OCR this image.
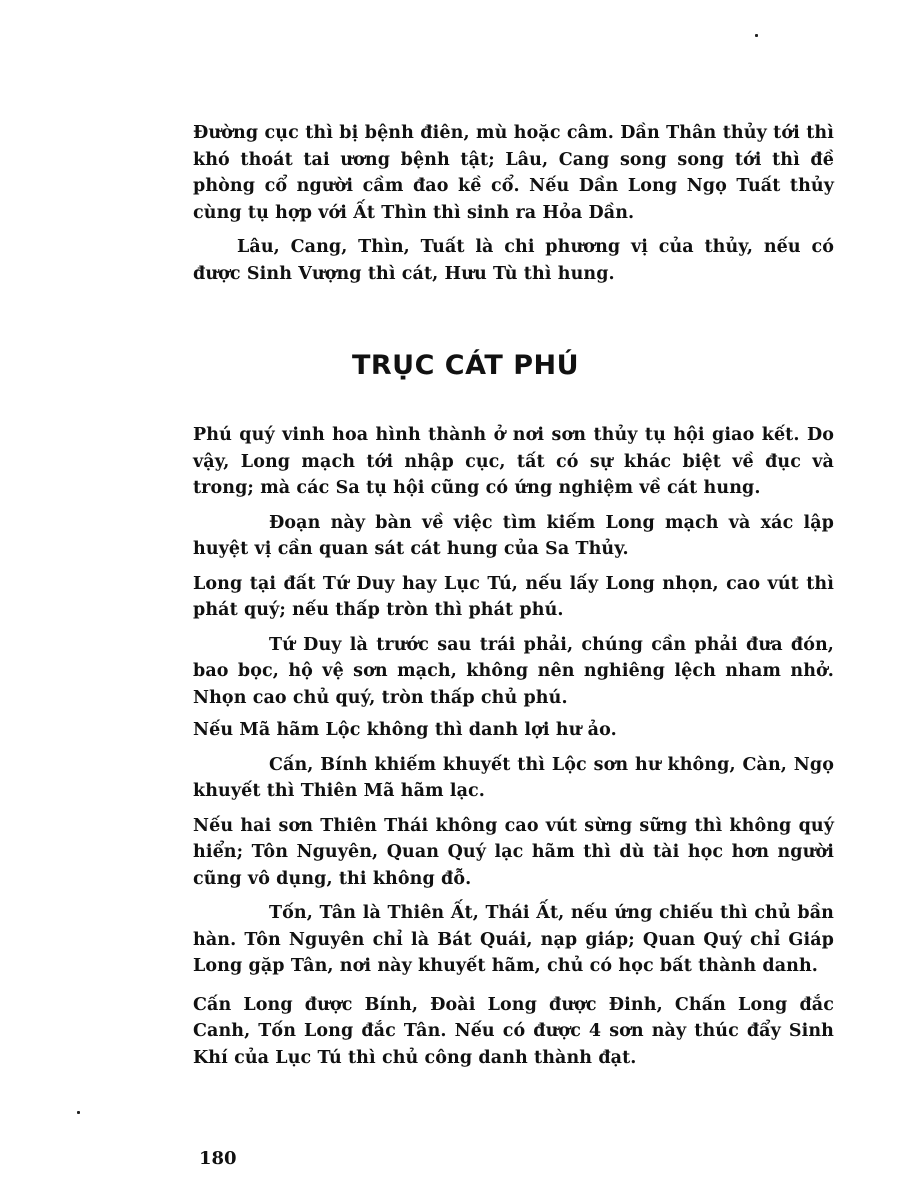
Đường cục thì bị bệnh điên, mù hoặc câm. Dần Thân thủy tới thì khó thoát tai ương bệnh tật; Lâu, Cang song song tới thì đề phòng cổ người cầm đao kề cổ. Nếu Dần Long Ngọ Tuất thủy cùng tụ hợp với Ất Thìn thì sinh ra Hỏa Dần.

Lâu, Cang, Thìn, Tuất là chi phương vị của thủy, nếu có được Sinh Vượng thì cát, Hưu Tù thì hung.

TRỤC CÁT PHÚ

Phú quý vinh hoa hình thành ở nơi sơn thủy tụ hội giao kết. Do vậy, Long mạch tới nhập cục, tất có sự khác biệt về đục và trong; mà các Sa tụ hội cũng có ứng nghiệm về cát hung.

Đoạn này bàn về việc tìm kiếm Long mạch và xác lập huyệt vị cần quan sát cát hung của Sa Thủy.

Long tại đất Tứ Duy hay Lục Tú, nếu lấy Long nhọn, cao vút thì phát quý; nếu thấp tròn thì phát phú.

Tứ Duy là trước sau trái phải, chúng cần phải đưa đón, bao bọc, hộ vệ sơn mạch, không nên nghiêng lệch nham nhở. Nhọn cao chủ quý, tròn thấp chủ phú.

Nếu Mã hãm Lộc không thì danh lợi hư ảo.

Cấn, Bính khiếm khuyết thì Lộc sơn hư không, Càn, Ngọ khuyết thì Thiên Mã hãm lạc.

Nếu hai sơn Thiên Thái không cao vút sừng sững thì không quý hiển; Tôn Nguyên, Quan Quý lạc hãm thì dù tài học hơn người cũng vô dụng, thi không đỗ.

Tốn, Tân là Thiên Ất, Thái Ất, nếu ứng chiếu thì chủ bần hàn. Tôn Nguyên chỉ là Bát Quái, nạp giáp; Quan Quý chỉ Giáp Long gặp Tân, nơi này khuyết hãm, chủ có học bất thành danh.

Cấn Long được Bính, Đoài Long được Đinh, Chấn Long đắc Canh, Tốn Long đắc Tân. Nếu có được 4 sơn này thúc đẩy Sinh Khí của Lục Tú thì chủ công danh thành đạt.

180
